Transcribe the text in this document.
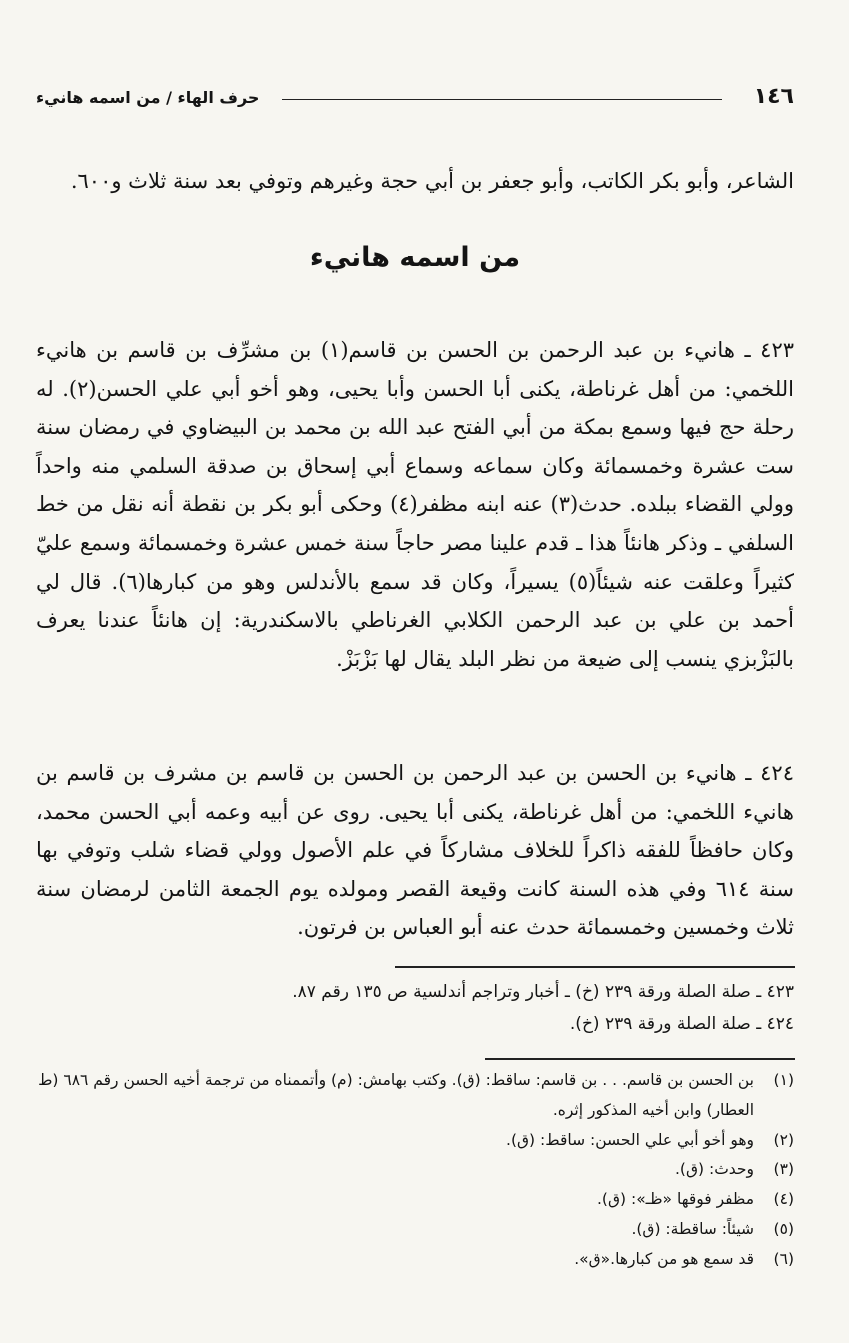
١٤٦
حرف الهاء / من اسمه هانيء

الشاعر، وأبو بكر الكاتب، وأبو جعفر بن أبي حجة وغيرهم وتوفي بعد سنة ثلاث و٦٠٠.

من اسمه هانيء

٤٢٣ ـ هانيء بن عبد الرحمن بن الحسن بن قاسم(١) بن مشرِّف بن قاسم بن هانيء اللخمي: من أهل غرناطة، يكنى أبا الحسن وأبا يحيى، وهو أخو أبي علي الحسن(٢). له رحلة حج فيها وسمع بمكة من أبي الفتح عبد الله بن محمد بن البيضاوي في رمضان سنة ست عشرة وخمسمائة وكان سماعه وسماع أبي إسحاق بن صدقة السلمي منه واحداً وولي القضاء ببلده. حدث(٣) عنه ابنه مظفر(٤) وحكى أبو بكر بن نقطة أنه نقل من خط السلفي ـ وذكر هانئاً هذا ـ قدم علينا مصر حاجاً سنة خمس عشرة وخمسمائة وسمع عليّ كثيراً وعلقت عنه شيئاً(٥) يسيراً، وكان قد سمع بالأندلس وهو من كبارها(٦). قال لي أحمد بن علي بن عبد الرحمن الكلابي الغرناطي بالاسكندرية: إن هانئاً عندنا يعرف بالبَزْبزي ينسب إلى ضيعة من نظر البلد يقال لها بَزْبَزْ.

٤٢٤ ـ هانيء بن الحسن بن عبد الرحمن بن الحسن بن قاسم بن مشرف بن قاسم بن هانيء اللخمي: من أهل غرناطة، يكنى أبا يحيى. روى عن أبيه وعمه أبي الحسن محمد، وكان حافظاً للفقه ذاكراً للخلاف مشاركاً في علم الأصول وولي قضاء شلب وتوفي بها سنة ٦١٤ وفي هذه السنة كانت وقيعة القصر ومولده يوم الجمعة الثامن لرمضان سنة ثلاث وخمسين وخمسمائة حدث عنه أبو العباس بن فرتون.

٤٢٣ ـ صلة الصلة ورقة ٢٣٩ (خ) ـ أخبار وتراجم أندلسية ص ١٣٥ رقم ٨٧.
٤٢٤ ـ صلة الصلة ورقة ٢٣٩ (خ).
(١)
بن الحسن بن قاسم. . . بن قاسم: ساقط: (ق). وكتب بهامش: (م) وأتممناه من ترجمة أخيه الحسن رقم ٦٨٦ (ط العطار) وابن أخيه المذكور إثره.
(٢)
وهو أخو أبي علي الحسن: ساقط: (ق).
(٣)
وحدث: (ق).
(٤)
مظفر فوقها «ظـ»: (ق).
(٥)
شيئاً: ساقطة: (ق).
(٦)
قد سمع هو من كبارها.«ق».
